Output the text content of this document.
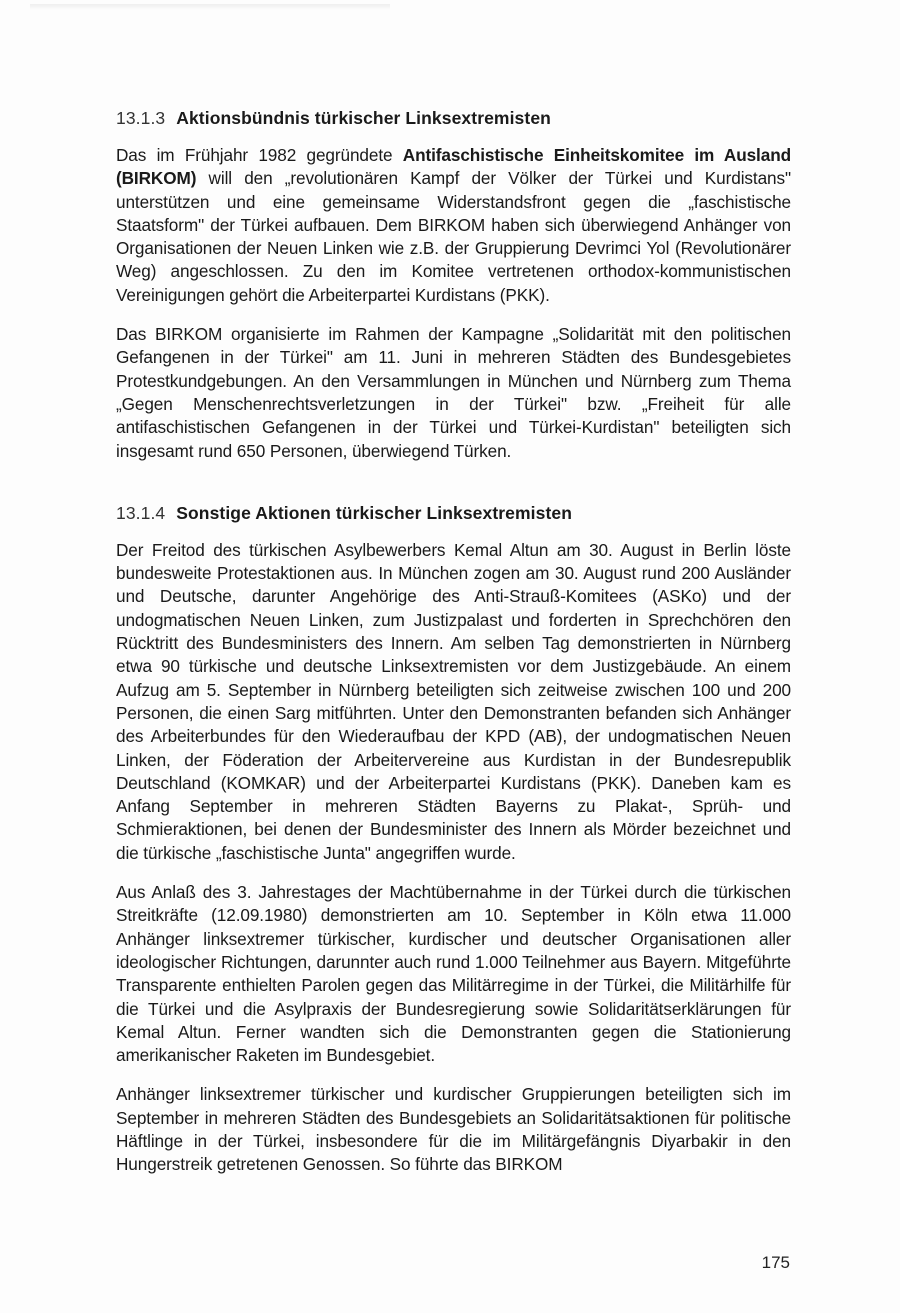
13.1.3 Aktionsbündnis türkischer Linksextremisten

Das im Frühjahr 1982 gegründete Antifaschistische Einheitskomitee im Ausland (BIRKOM) will den „revolutionären Kampf der Völker der Türkei und Kurdistans" unterstützen und eine gemeinsame Widerstandsfront gegen die „faschistische Staatsform" der Türkei aufbauen. Dem BIRKOM haben sich überwiegend Anhänger von Organisationen der Neuen Linken wie z.B. der Gruppierung Devrimci Yol (Revolutionärer Weg) angeschlossen. Zu den im Komitee vertretenen orthodox-kommunistischen Vereinigungen gehört die Arbeiterpartei Kurdistans (PKK).

Das BIRKOM organisierte im Rahmen der Kampagne „Solidarität mit den politischen Gefangenen in der Türkei" am 11. Juni in mehreren Städten des Bundesgebietes Protestkundgebungen. An den Versammlungen in München und Nürnberg zum Thema „Gegen Menschenrechtsverletzungen in der Türkei" bzw. „Freiheit für alle antifaschistischen Gefangenen in der Türkei und Türkei-Kurdistan" beteiligten sich insgesamt rund 650 Personen, überwiegend Türken.

13.1.4 Sonstige Aktionen türkischer Linksextremisten

Der Freitod des türkischen Asylbewerbers Kemal Altun am 30. August in Berlin löste bundesweite Protestaktionen aus. In München zogen am 30. August rund 200 Ausländer und Deutsche, darunter Angehörige des Anti-Strauß-Komitees (ASKo) und der undogmatischen Neuen Linken, zum Justizpalast und forderten in Sprechchören den Rücktritt des Bundesministers des Innern. Am selben Tag demonstrierten in Nürnberg etwa 90 türkische und deutsche Linksextremisten vor dem Justizgebäude. An einem Aufzug am 5. September in Nürnberg beteiligten sich zeitweise zwischen 100 und 200 Personen, die einen Sarg mitführten. Unter den Demonstranten befanden sich Anhänger des Arbeiterbundes für den Wiederaufbau der KPD (AB), der undogmatischen Neuen Linken, der Föderation der Arbeitervereine aus Kurdistan in der Bundesrepublik Deutschland (KOMKAR) und der Arbeiterpartei Kurdistans (PKK). Daneben kam es Anfang September in mehreren Städten Bayerns zu Plakat-, Sprüh- und Schmieraktionen, bei denen der Bundesminister des Innern als Mörder bezeichnet und die türkische „faschistische Junta" angegriffen wurde.

Aus Anlaß des 3. Jahrestages der Machtübernahme in der Türkei durch die türkischen Streitkräfte (12.09.1980) demonstrierten am 10. September in Köln etwa 11.000 Anhänger linksextremer türkischer, kurdischer und deutscher Organisationen aller ideologischer Richtungen, darunnter auch rund 1.000 Teilnehmer aus Bayern. Mitgeführte Transparente enthielten Parolen gegen das Militärregime in der Türkei, die Militärhilfe für die Türkei und die Asylpraxis der Bundesregierung sowie Solidaritätserklärungen für Kemal Altun. Ferner wandten sich die Demonstranten gegen die Stationierung amerikanischer Raketen im Bundesgebiet.

Anhänger linksextremer türkischer und kurdischer Gruppierungen beteiligten sich im September in mehreren Städten des Bundesgebiets an Solidaritätsaktionen für politische Häftlinge in der Türkei, insbesondere für die im Militärgefängnis Diyarbakir in den Hungerstreik getretenen Genossen. So führte das BIRKOM

175
